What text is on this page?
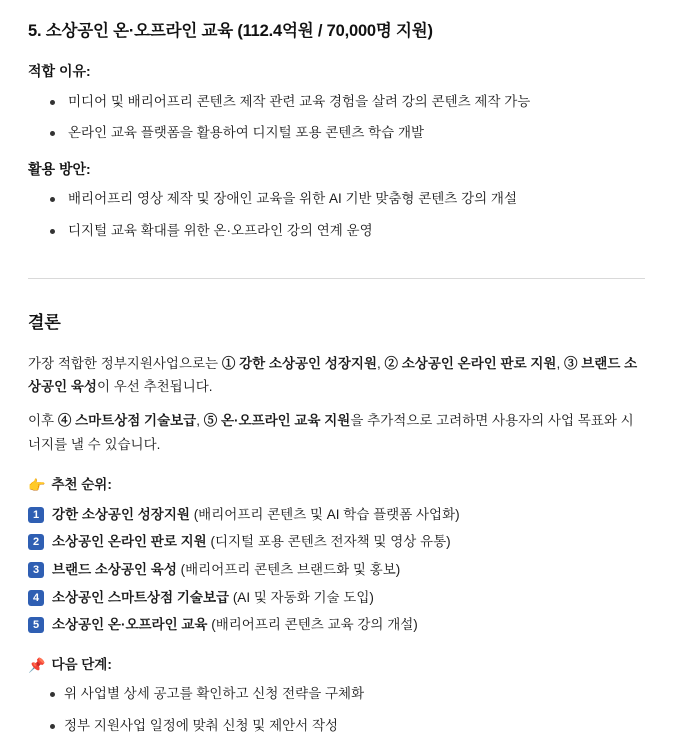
5. 소상공인 온·오프라인 교육 (112.4억원 / 70,000명 지원)
적합 이유:
미디어 및 배리어프리 콘텐츠 제작 관련 교육 경험을 살려 강의 콘텐츠 제작 가능
온라인 교육 플랫폼을 활용하여 디지털 포용 콘텐츠 학습 개발
활용 방안:
배리어프리 영상 제작 및 장애인 교육을 위한 AI 기반 맞춤형 콘텐츠 강의 개설
디지털 교육 확대를 위한 온·오프라인 강의 연계 운영
결론

가장 적합한 정부지원사업으로는 ① 강한 소상공인 성장지원, ② 소상공인 온라인 판로 지원, ③ 브랜드 소상공인 육성이 우선 추천됩니다.

이후 ④ 스마트상점 기술보급, ⑤ 온·오프라인 교육 지원을 추가적으로 고려하면 사용자의 사업 목표와 시너지를 낼 수 있습니다.

👉 추천 순위:
1 강한 소상공인 성장지원 (배리어프리 콘텐츠 및 AI 학습 플랫폼 사업화)
2 소상공인 온라인 판로 지원 (디지털 포용 콘텐츠 전자책 및 영상 유통)
3 브랜드 소상공인 육성 (배리어프리 콘텐츠 브랜드화 및 홍보)
4 소상공인 스마트상점 기술보급 (AI 및 자동화 기술 도입)
5 소상공인 온·오프라인 교육 (배리어프리 콘텐츠 교육 강의 개설)
📌 다음 단계:
위 사업별 상세 공고를 확인하고 신청 전략을 구체화
정부 지원사업 일정에 맞춰 신청 및 제안서 작성
